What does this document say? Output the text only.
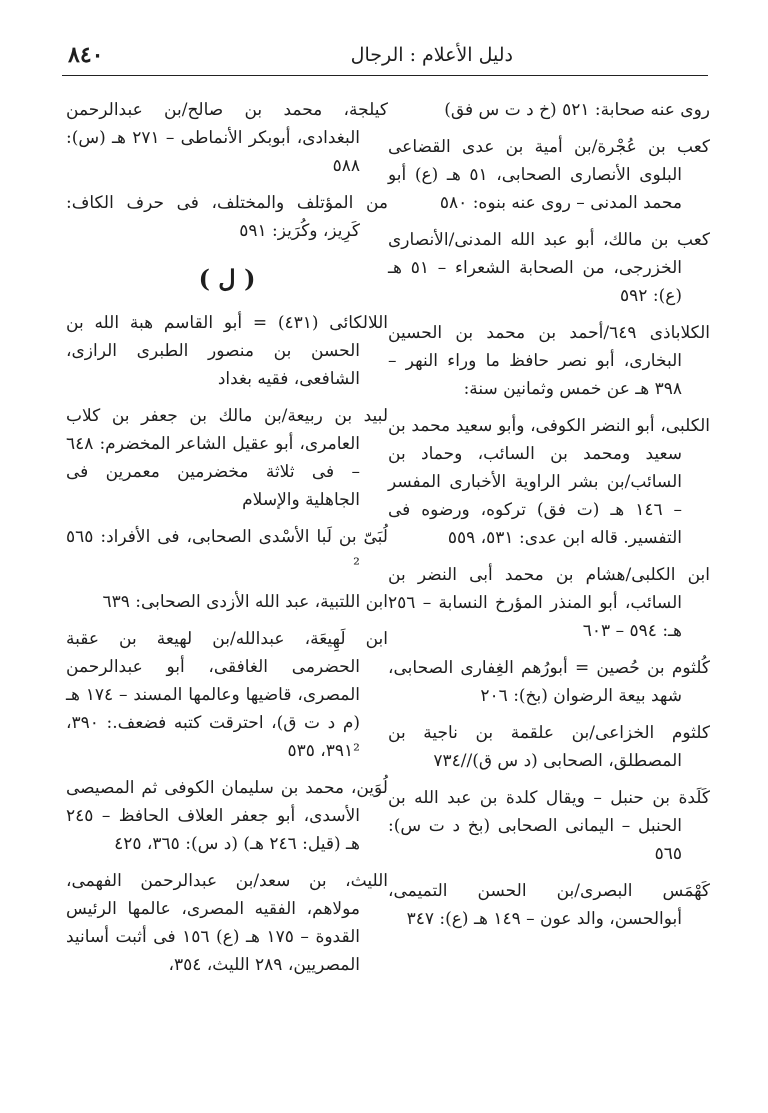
دليل الأعلام : الرجال
٨٤٠

روى عنه صحابة: ٥٢١ (خ د ت س فق)

كعب بن عُجْرة/بن أمية بن عدى القضاعى البلوى الأنصارى الصحابى، ٥١ هـ (ع) أبو محمد المدنى – روى عنه بنوه: ٥٨٠

كعب بن مالك، أبو عبد الله المدنى/الأنصارى الخزرجى، من الصحابة الشعراء – ٥١ هـ (ع): ٥٩٢

الكلاباذى ٦٤٩/أحمد بن محمد بن الحسين البخارى، أبو نصر حافظ ما وراء النهر – ٣٩٨ هـ عن خمس وثمانين سنة:

الكلبى، أبو النضر الكوفى، وأبو سعيد محمد بن سعيد ومحمد بن السائب، وحماد بن السائب/بن بشر الراوية الأخبارى المفسر – ١٤٦ هـ (ت فق) تركوه، ورضوه فى التفسير. قاله ابن عدى: ٥٣١، ٥٥٩

ابن الكلبى/هشام بن محمد أبى النضر بن السائب، أبو المنذر المؤرخ النسابة – ٢٥٦ هـ: ٥٩٤ – ٦٠٣

كُلثوم بن حُصين = أبورُهم الغِفارى الصحابى، شهد بيعة الرضوان (بخ): ٢٠٦

كلثوم الخزاعى/بن علقمة بن ناجية بن المصطلق، الصحابى (د س ق)//٧٣٤

كَلَدة بن حنبل – ويقال كلدة بن عبد الله بن الحنبل – اليمانى الصحابى (بخ د ت س): ٥٦٥

كَهْمَس البصرى/بن الحسن التميمى، أبوالحسن، والد عون – ١٤٩ هـ (ع): ٣٤٧

كيلجة، محمد بن صالح/بن عبدالرحمن البغدادى، أبوبكر الأنماطى – ٢٧١ هـ (س): ٥٨٨

من المؤتلف والمختلف، فى حرف الكاف: كَرِيز، وكُرَيز: ٥٩١

( ل )

اللالكائى (٤٣١) = أبو القاسم هبة الله بن الحسن بن منصور الطبرى الرازى، الشافعى، فقيه بغداد

لبيد بن ربيعة/بن مالك بن جعفر بن كلاب العامرى، أبو عقيل الشاعر المخضرم: ٦٤٨ – فى ثلاثة مخضرمين معمرين فى الجاهلية والإسلام

لُبَىّ بن لَبا الأسْدى الصحابى، فى الأفراد: ٥٦٥ ²

ابن اللتبية، عبد الله الأزدى الصحابى: ٦٣٩

ابن لَهِيعَة، عبدالله/بن لهيعة بن عقبة الحضرمى الغافقى، أبو عبدالرحمن المصرى، قاضيها وعالمها المسند – ١٧٤ هـ (م د ت ق)، احترقت كتبه فضعف.: ٣٩٠، ٣٩١²، ٥٣٥

لُوَين، محمد بن سليمان الكوفى ثم المصيصى الأسدى، أبو جعفر العلاف الحافظ – ٢٤٥ هـ (قيل: ٢٤٦ هـ) (د س): ٣٦٥، ٤٢٥

الليث، بن سعد/بن عبدالرحمن الفهمى، مولاهم، الفقيه المصرى، عالمها الرئيس القدوة – ١٧٥ هـ (ع) ١٥٦ فى أثبت أسانيد المصريين، ٢٨٩ الليث، ٣٥٤،
